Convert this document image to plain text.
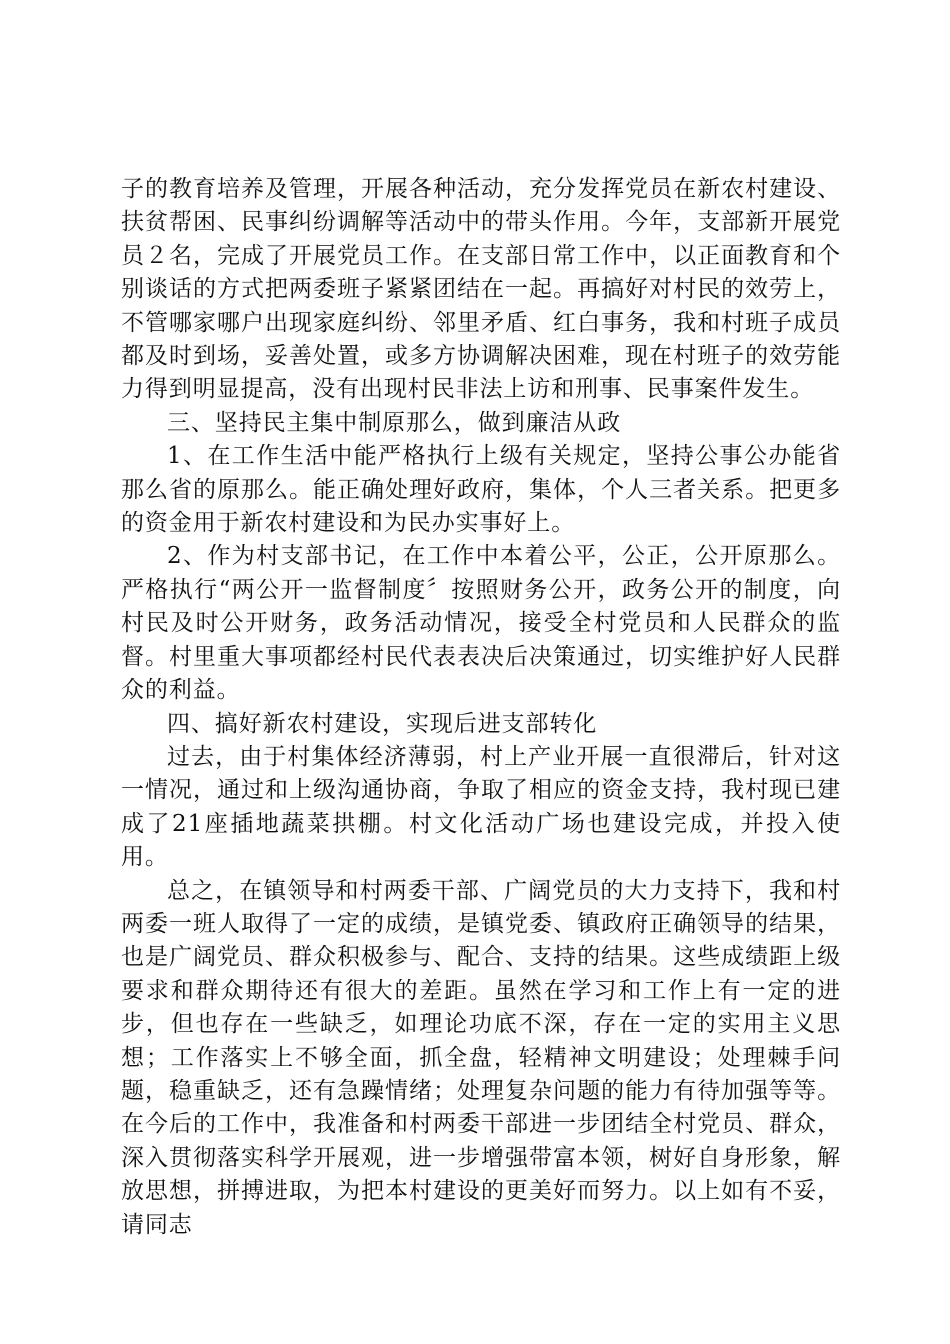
子的教育培养及管理，开展各种活动，充分发挥党员在新农村建设、扶贫帮困、民事纠纷调解等活动中的带头作用。今年，支部新开展党员２名，完成了开展党员工作。在支部日常工作中，以正面教育和个别谈话的方式把两委班子紧紧团结在一起。再搞好对村民的效劳上，不管哪家哪户出现家庭纠纷、邻里矛盾、红白事务，我和村班子成员都及时到场，妥善处置，或多方协调解决困难，现在村班子的效劳能力得到明显提高，没有出现村民非法上访和刑事、民事案件发生。

三、坚持民主集中制原那么，做到廉洁从政

1、在工作生活中能严格执行上级有关规定，坚持公事公办能省那么省的原那么。能正确处理好政府，集体，个人三者关系。把更多的资金用于新农村建设和为民办实事好上。

2、作为村支部书记，在工作中本着公平，公正，公开原那么。严格执行“两公开一监督制度〞按照财务公开，政务公开的制度，向村民及时公开财务，政务活动情况，接受全村党员和人民群众的监督。村里重大事项都经村民代表表决后决策通过，切实维护好人民群众的利益。

四、搞好新农村建设，实现后进支部转化

过去，由于村集体经济薄弱，村上产业开展一直很滞后，针对这一情况，通过和上级沟通协商，争取了相应的资金支持，我村现已建成了21座插地蔬菜拱棚。村文化活动广场也建设完成，并投入使用。

总之，在镇领导和村两委干部、广阔党员的大力支持下，我和村两委一班人取得了一定的成绩，是镇党委、镇政府正确领导的结果，也是广阔党员、群众积极参与、配合、支持的结果。这些成绩距上级要求和群众期待还有很大的差距。虽然在学习和工作上有一定的进步，但也存在一些缺乏，如理论功底不深，存在一定的实用主义思想；工作落实上不够全面，抓全盘，轻精神文明建设；处理棘手问题，稳重缺乏，还有急躁情绪；处理复杂问题的能力有待加强等等。在今后的工作中，我准备和村两委干部进一步团结全村党员、群众，深入贯彻落实科学开展观，进一步增强带富本领，树好自身形象，解放思想，拼搏进取，为把本村建设的更美好而努力。以上如有不妥，请同志
